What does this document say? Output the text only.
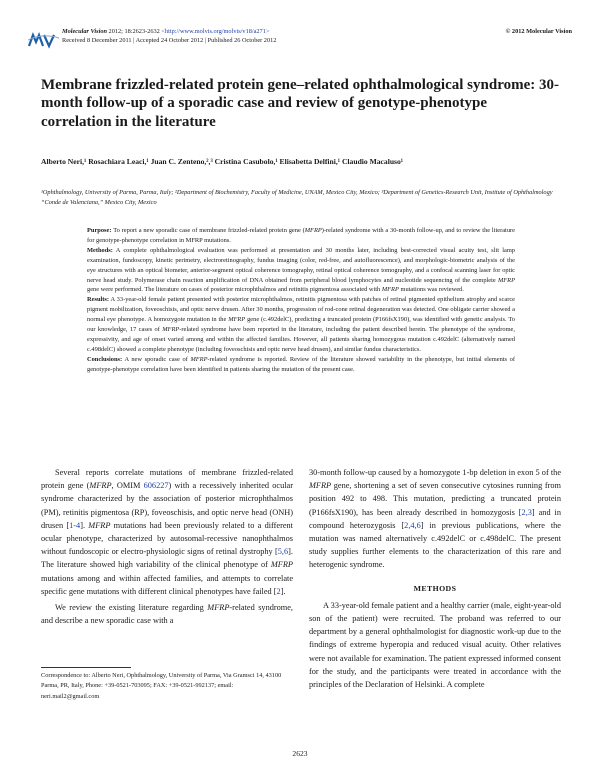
Molecular Vision 2012; 18:2623-2632 <http://www.molvis.org/molvis/v18/a271>
Received 8 December 2011 | Accepted 24 October 2012 | Published 26 October 2012
© 2012 Molecular Vision
Membrane frizzled-related protein gene–related ophthalmological syndrome: 30-month follow-up of a sporadic case and review of genotype-phenotype correlation in the literature
Alberto Neri,¹ Rosachiara Leaci,¹ Juan C. Zenteno,²,³ Cristina Casubolo,¹ Elisabetta Delfini,¹ Claudio Macaluso¹
¹Ophthalmology, University of Parma, Parma, Italy; ²Department of Biochemistry, Faculty of Medicine, UNAM, Mexico City, Mexico; ³Department of Genetics-Research Unit, Institute of Ophthalmology “Conde de Valenciana,” Mexico City, Mexico

Purpose: To report a new sporadic case of membrane frizzled-related protein gene (MFRP)-related syndrome with a 30-month follow-up, and to review the literature for genotype-phenotype correlation in MFRP mutations.

Methods: A complete ophthalmological evaluation was performed at presentation and 30 months later, including best-corrected visual acuity test, slit lamp examination, fundoscopy, kinetic perimetry, electroretinography, fundus imaging (color, red-free, and autofluorescence), and morphologic-biometric analysis of the eye structures with an optical biometer, anterior-segment optical coherence tomography, retinal optical coherence tomography, and a confocal scanning laser for optic nerve head study. Polymerase chain reaction amplification of DNA obtained from peripheral blood lymphocytes and nucleotide sequencing of the complete MFRP gene were performed. The literature on cases of posterior microphthalmos and retinitis pigmentosa associated with MFRP mutations was reviewed.

Results: A 33-year-old female patient presented with posterior microphthalmos, retinitis pigmentosa with patches of retinal pigmented epithelium atrophy and scarce pigment mobilization, foveoschisis, and optic nerve drusen. After 30 months, progression of rod-cone retinal degeneration was detected. One obligate carrier showed a normal eye phenotype. A homozygote mutation in the MFRP gene (c.492delC), predicting a truncated protein (P166fsX190), was identified with genetic analysis. To our knowledge, 17 cases of MFRP-related syndrome have been reported in the literature, including the patient described herein. The phenotype of the syndrome, expressivity, and age of onset varied among and within the affected families. However, all patients sharing homozygous mutation c.492delC (alternatively named c.498delC) showed a complete phenotype (including foveoschisis and optic nerve head drusen), and similar fundus characteristics.

Conclusions: A new sporadic case of MFRP-related syndrome is reported. Review of the literature showed variability in the phenotype, but initial elements of genotype-phenotype correlation have been identified in patients sharing the mutation of the present case.

Several reports correlate mutations of membrane frizzled-related protein gene (MFRP, OMIM 606227) with a recessively inherited ocular syndrome characterized by the association of posterior microphthalmos (PM), retinitis pigmentosa (RP), foveoschisis, and optic nerve head (ONH) drusen [1-4]. MFRP mutations had been previously related to a different ocular phenotype, characterized by autosomal-recessive nanophthalmos without fundoscopic or electro-physiologic signs of retinal dystrophy [5,6]. The literature showed high variability of the clinical phenotype of MFRP mutations among and within affected families, and attempts to correlate specific gene mutations with different clinical phenotypes have failed [2].

We review the existing literature regarding MFRP-related syndrome, and describe a new sporadic case with a

30-month follow-up caused by a homozygote 1-bp deletion in exon 5 of the MFRP gene, shortening a set of seven consecutive cytosines running from position 492 to 498. This mutation, predicting a truncated protein (P166fsX190), has been already described in homozygosis [2,3] and in compound heterozygosis [2,4,6] in previous publications, where the mutation was named alternatively c.492delC or c.498delC. The present study supplies further elements to the characterization of this rare and heterogenic syndrome.

METHODS

A 33-year-old female patient and a healthy carrier (male, eight-year-old son of the patient) were recruited. The proband was referred to our department by a general ophthalmologist for diagnostic work-up due to the findings of extreme hyperopia and reduced visual acuity. Other relatives were not available for examination. The patient expressed informed consent for the study, and the participants were treated in accordance with the principles of the Declaration of Helsinki. A complete

Correspondence to: Alberto Neri, Ophthalmology, University of Parma, Via Gramsci 14, 43100 Parma, PR, Italy, Phone: +39-0521-703095; FAX: +39-0521-992137; email: neri.mail2@gmail.com
2623
